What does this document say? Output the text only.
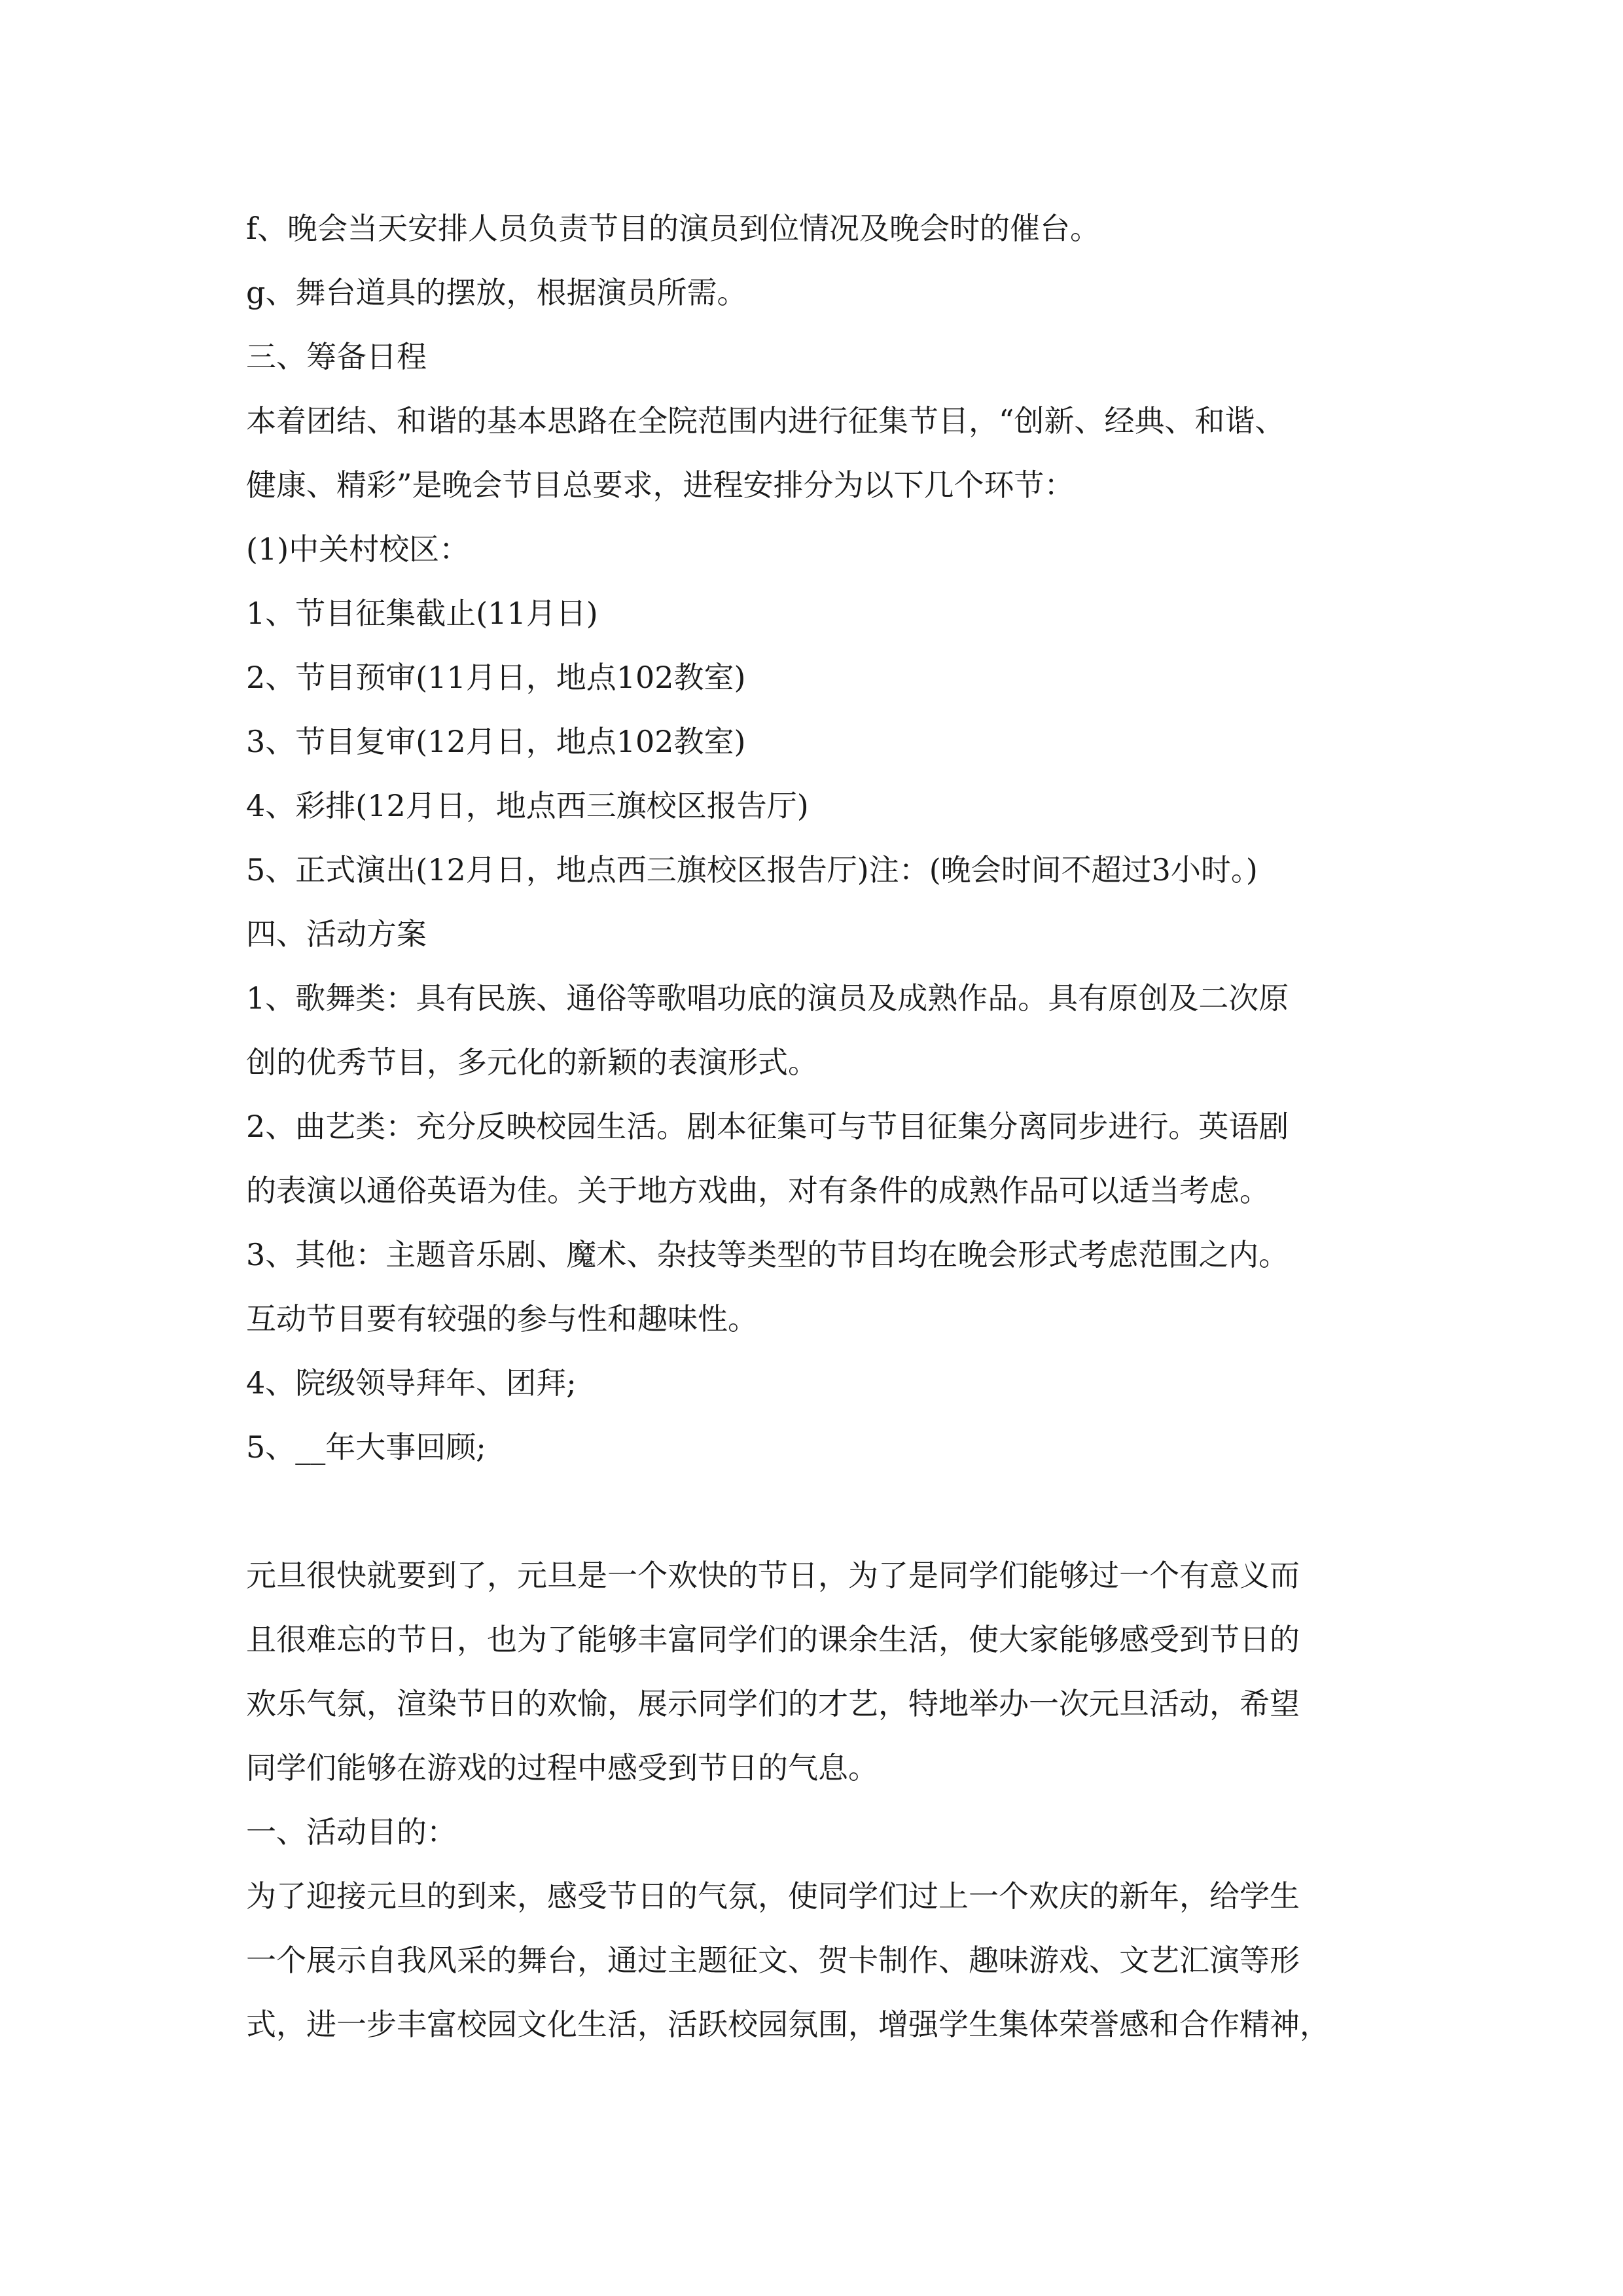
f、晚会当天安排人员负责节目的演员到位情况及晚会时的催台。

g、舞台道具的摆放，根据演员所需。

三、筹备日程

本着团结、和谐的基本思路在全院范围内进行征集节目，“创新、经典、和谐、

健康、精彩”是晚会节目总要求，进程安排分为以下几个环节：

(1)中关村校区：

1、节目征集截止(11月日)

2、节目预审(11月日，地点102教室)

3、节目复审(12月日，地点102教室)

4、彩排(12月日，地点西三旗校区报告厅)

5、正式演出(12月日，地点西三旗校区报告厅)注：(晚会时间不超过3小时。)

四、活动方案

1、歌舞类：具有民族、通俗等歌唱功底的演员及成熟作品。具有原创及二次原

创的优秀节目，多元化的新颖的表演形式。

2、曲艺类：充分反映校园生活。剧本征集可与节目征集分离同步进行。英语剧

的表演以通俗英语为佳。关于地方戏曲，对有条件的成熟作品可以适当考虑。

3、其他：主题音乐剧、魔术、杂技等类型的节目均在晚会形式考虑范围之内。

互动节目要有较强的参与性和趣味性。

4、院级领导拜年、团拜;

5、__年大事回顾;

元旦很快就要到了，元旦是一个欢快的节日，为了是同学们能够过一个有意义而

且很难忘的节日，也为了能够丰富同学们的课余生活，使大家能够感受到节日的

欢乐气氛，渲染节日的欢愉，展示同学们的才艺，特地举办一次元旦活动，希望

同学们能够在游戏的过程中感受到节日的气息。

一、活动目的：

为了迎接元旦的到来，感受节日的气氛，使同学们过上一个欢庆的新年，给学生

一个展示自我风采的舞台，通过主题征文、贺卡制作、趣味游戏、文艺汇演等形

式，进一步丰富校园文化生活，活跃校园氛围，增强学生集体荣誉感和合作精神，
